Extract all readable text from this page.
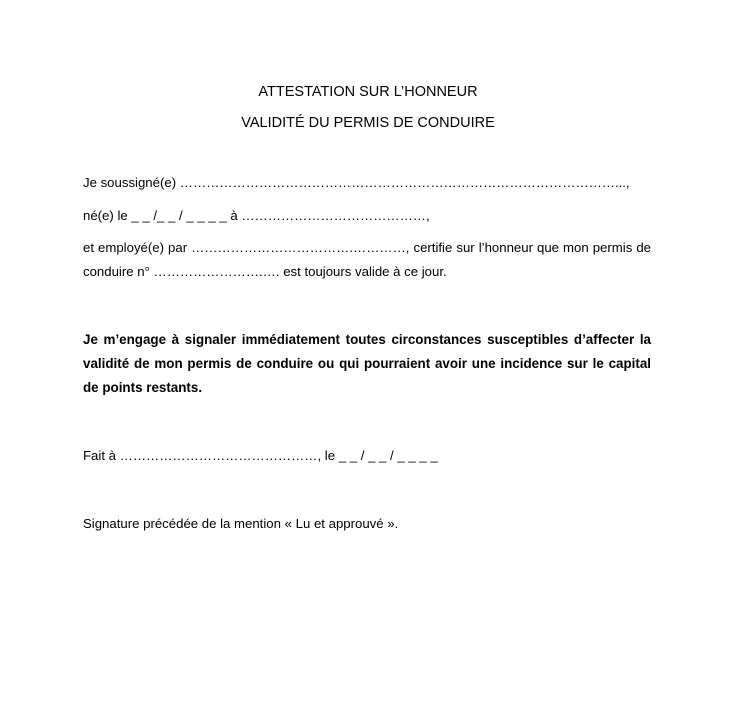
ATTESTATION SUR L’HONNEUR
VALIDITÉ DU PERMIS DE CONDUIRE
Je soussigné(e) ………………………………………………………………………………………...,
né(e) le _ _ /_ _ / _ _ _ _ à ……………………………………,
et employé(e) par ……………………………….…………, certifie sur l’honneur que mon permis de conduire n° …………………….…. est toujours valide à ce jour.
Je m’engage à signaler immédiatement toutes circonstances susceptibles d’affecter la validité de mon permis de conduire ou qui pourraient avoir une incidence sur le capital de points restants.
Fait à ………………………………………, le _ _ / _ _ / _ _ _ _
Signature précédée de la mention « Lu et approuvé ».
